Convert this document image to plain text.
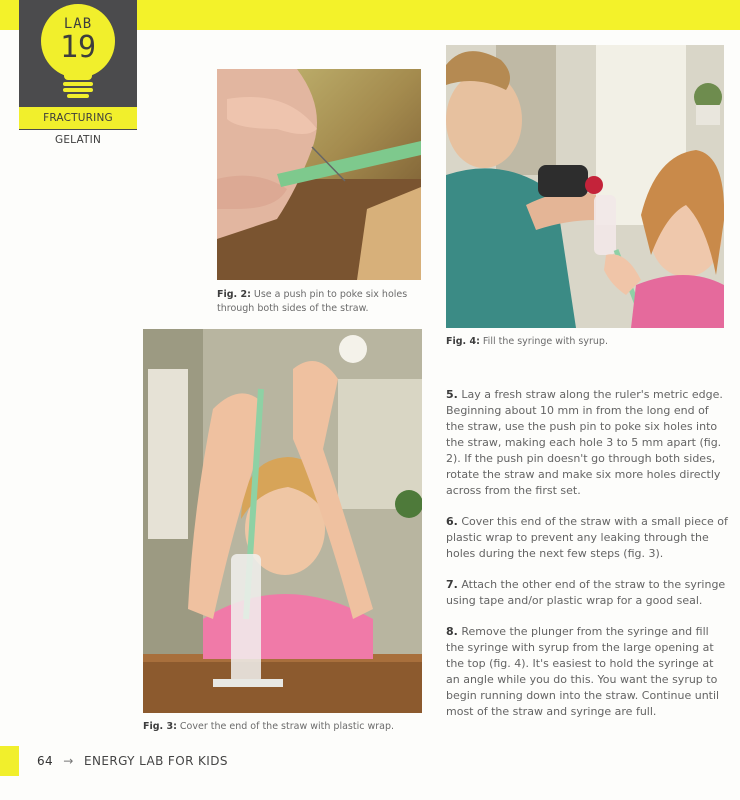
LAB
19
FRACTURING GELATIN
Fig. 2: Use a push pin to poke six holes through both sides of the straw.
Fig. 4: Fill the syringe with syrup.
Fig. 3: Cover the end of the straw with plastic wrap.

5. Lay a fresh straw along the ruler's metric edge. Beginning about 10 mm in from the long end of the straw, use the push pin to poke six holes into the straw, making each hole 3 to 5 mm apart (fig. 2). If the push pin doesn't go through both sides, rotate the straw and make six more holes directly across from the first set.

6. Cover this end of the straw with a small piece of plastic wrap to prevent any leaking through the holes during the next few steps (fig. 3).

7. Attach the other end of the straw to the syringe using tape and/or plastic wrap for a good seal.

8. Remove the plunger from the syringe and fill the syringe with syrup from the large opening at the top (fig. 4). It's easiest to hold the syringe at an angle while you do this. You want the syrup to begin running down into the straw. Continue until most of the straw and syringe are full.

64 → ENERGY LAB FOR KIDS
